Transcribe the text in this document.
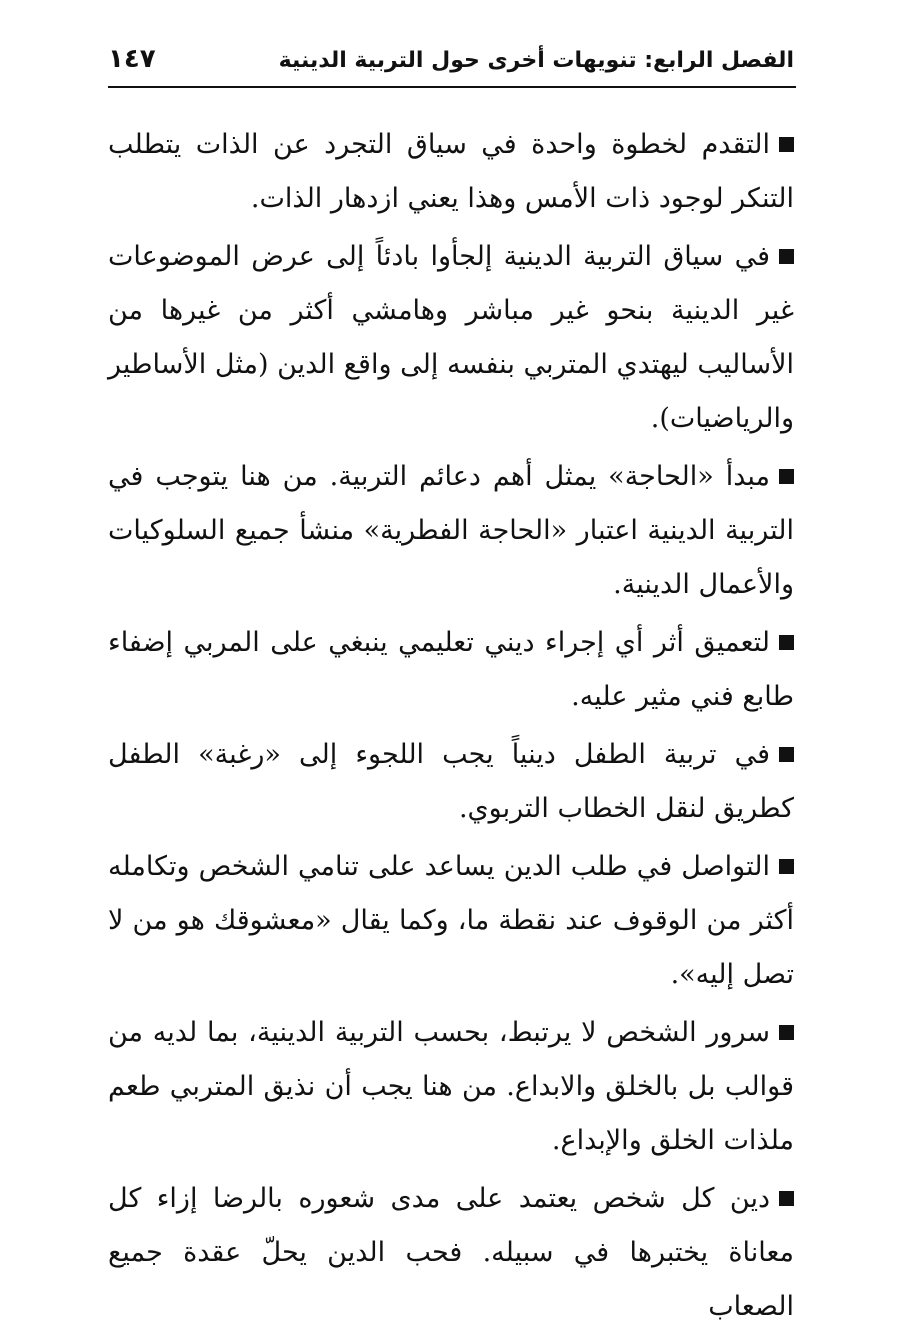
الفصل الرابع: تنويهات أخرى حول التربية الدينية
١٤٧

التقدم لخطوة واحدة في سياق التجرد عن الذات يتطلب التنكر لوجود ذات الأمس وهذا يعني ازدهار الذات.

في سياق التربية الدينية إلجأوا بادئاً إلى عرض الموضوعات غير الدينية بنحو غير مباشر وهامشي أكثر من غيرها من الأساليب ليهتدي المتربي بنفسه إلى واقع الدين (مثل الأساطير والرياضيات).

مبدأ «الحاجة» يمثل أهم دعائم التربية. من هنا يتوجب في التربية الدينية اعتبار «الحاجة الفطرية» منشأ جميع السلوكيات والأعمال الدينية.

لتعميق أثر أي إجراء ديني تعليمي ينبغي على المربي إضفاء طابع فني مثير عليه.

في تربية الطفل دينياً يجب اللجوء إلى «رغبة» الطفل كطريق لنقل الخطاب التربوي.

التواصل في طلب الدين يساعد على تنامي الشخص وتكامله أكثر من الوقوف عند نقطة ما، وكما يقال «معشوقك هو من لا تصل إليه».

سرور الشخص لا يرتبط، بحسب التربية الدينية، بما لديه من قوالب بل بالخلق والابداع. من هنا يجب أن نذيق المتربي طعم ملذات الخلق والإبداع.

دين كل شخص يعتمد على مدى شعوره بالرضا إزاء كل معاناة يختبرها في سبيله. فحب الدين يحلّ عقدة جميع الصعاب
